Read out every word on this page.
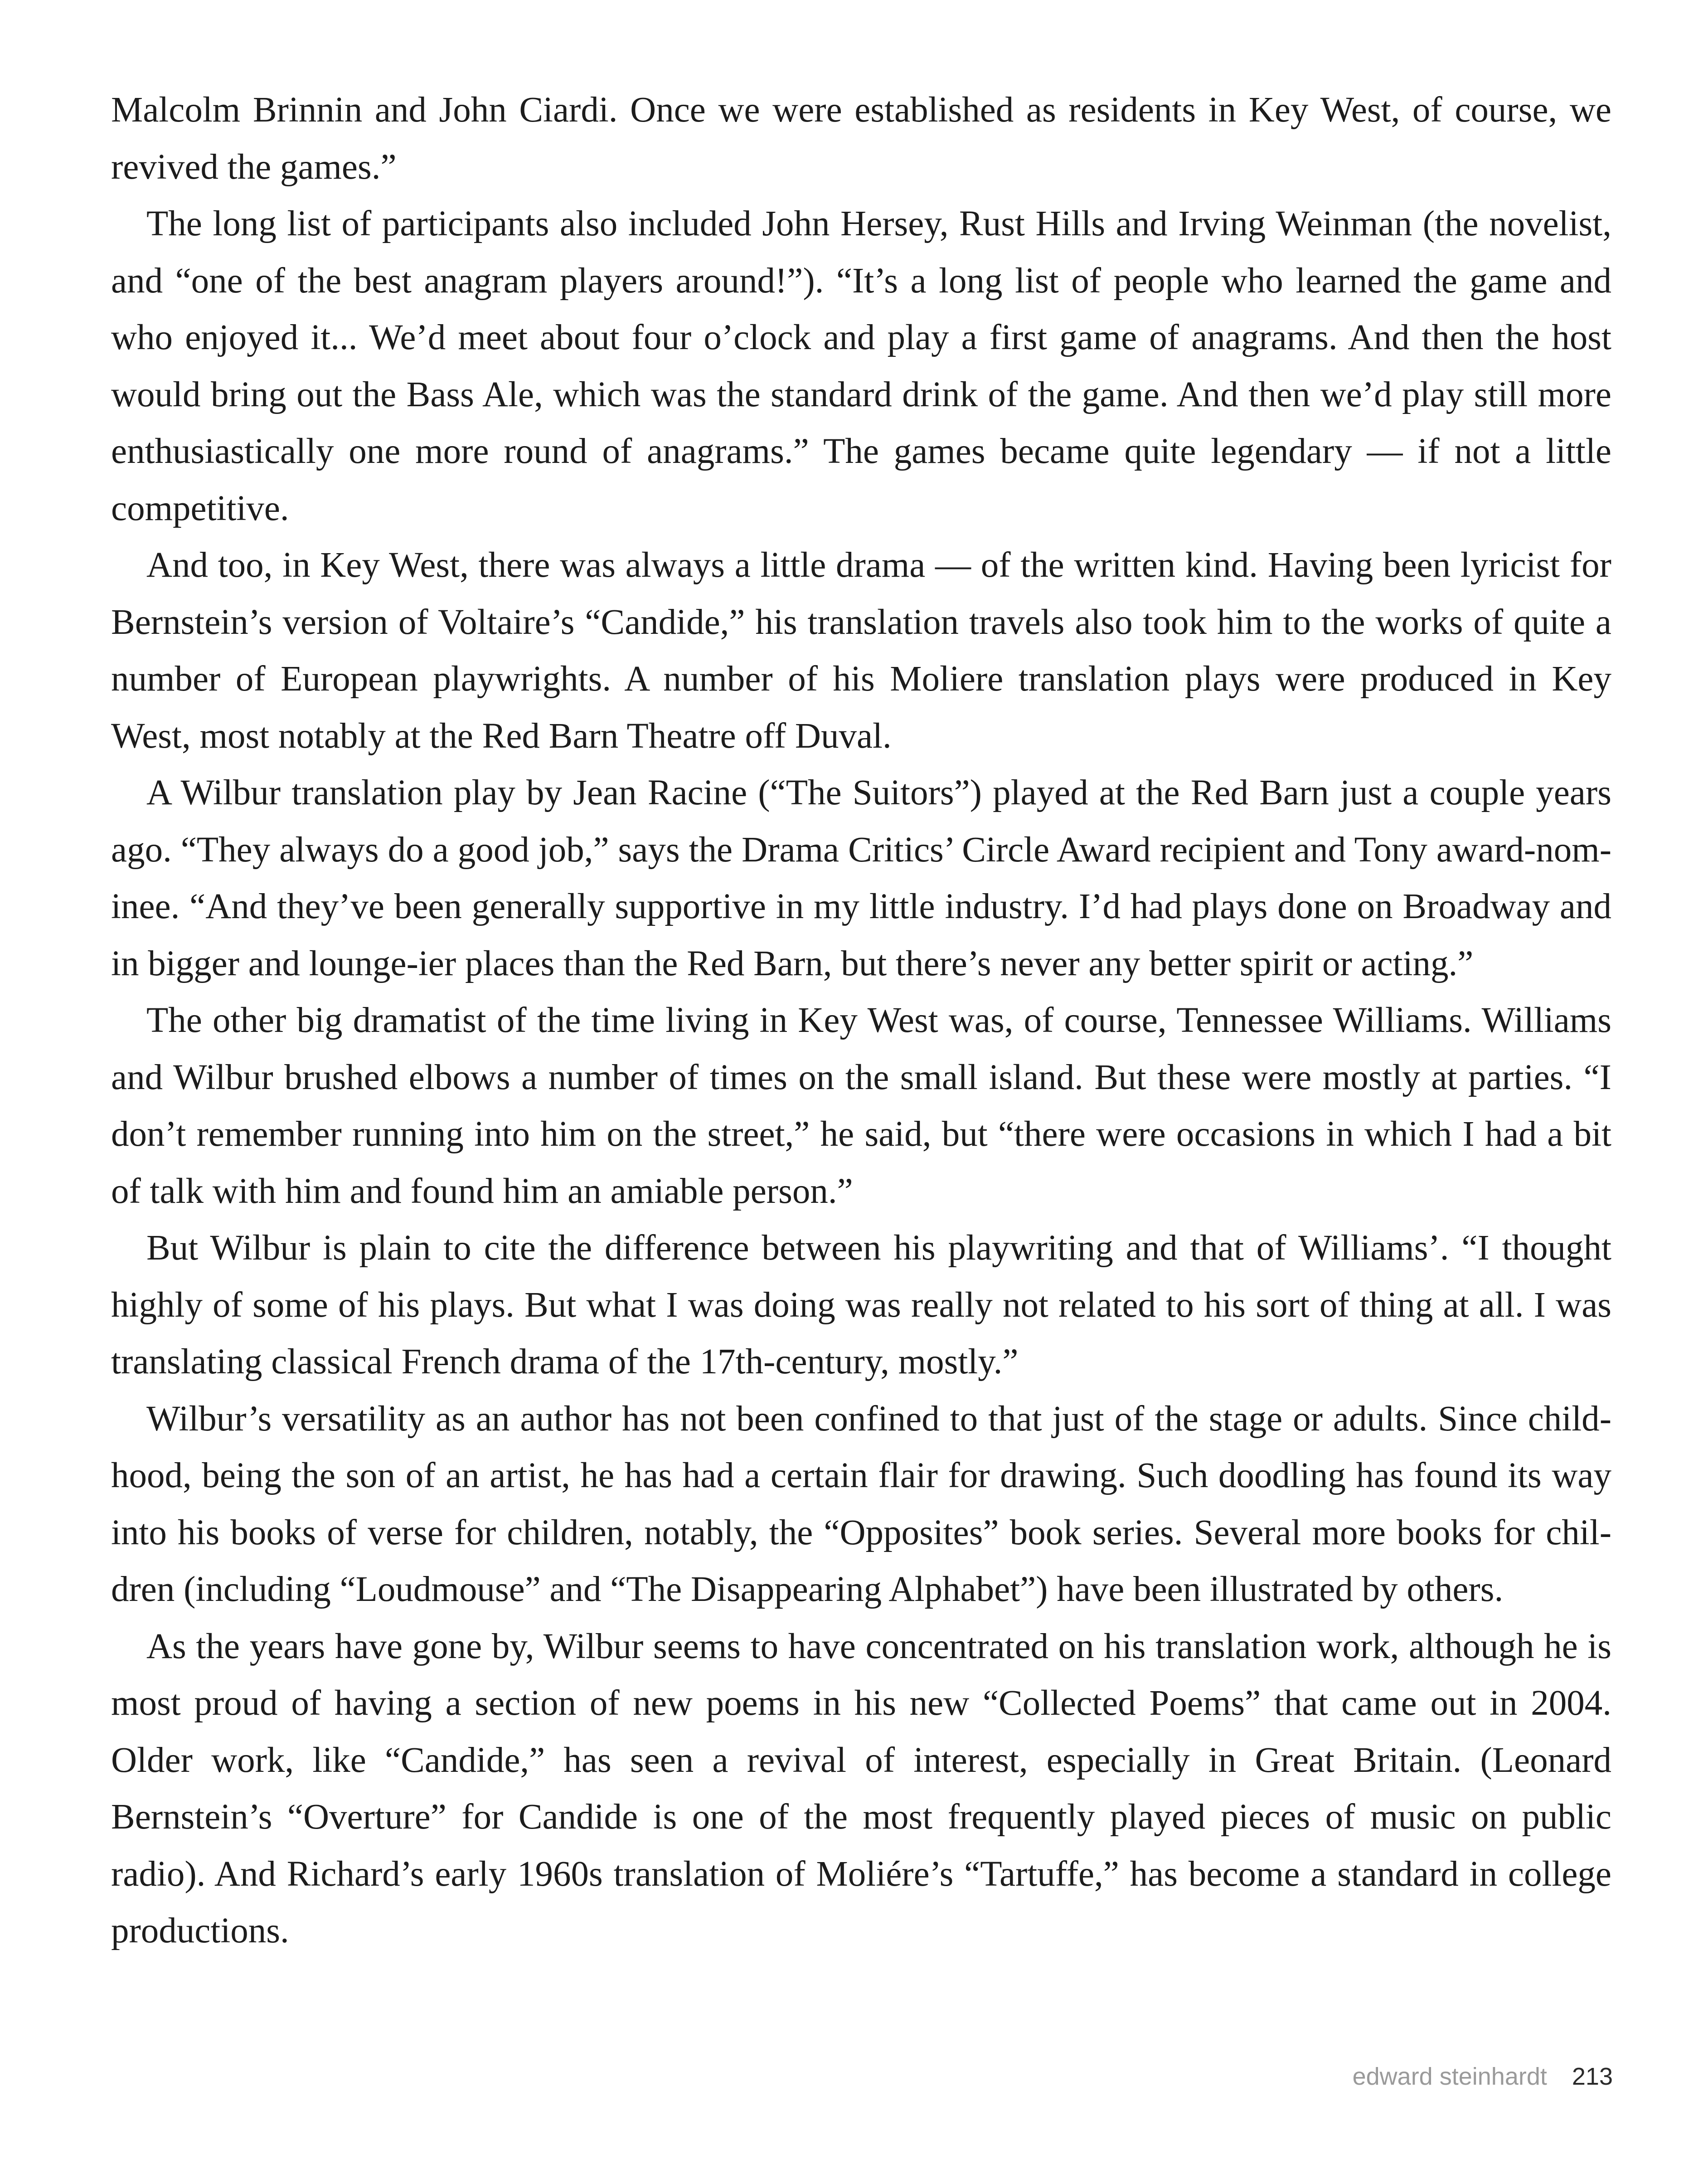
Malcolm Brinnin and John Ciardi. Once we were established as residents in Key West, of course, we revived the games.”

The long list of participants also included John Hersey, Rust Hills and Irving Weinman (the novelist, and “one of the best anagram players around!”). “It’s a long list of people who learned the game and who enjoyed it... We’d meet about four o’clock and play a first game of anagrams. And then the host would bring out the Bass Ale, which was the standard drink of the game. And then we’d play still more enthusiastically one more round of anagrams.” The games became quite legendary — if not a little competitive.

And too, in Key West, there was always a little drama — of the written kind. Having been lyricist for Bernstein’s version of Voltaire’s “Candide,” his translation travels also took him to the works of quite a number of European playwrights. A number of his Moliere translation plays were produced in Key West, most notably at the Red Barn Theatre off Duval.

A Wilbur translation play by Jean Racine (“The Suitors”) played at the Red Barn just a couple years ago. “They always do a good job,” says the Drama Critics’ Circle Award recipient and Tony award-nominee. “And they’ve been generally supportive in my little industry. I’d had plays done on Broadway and in bigger and lounge-ier places than the Red Barn, but there’s never any better spirit or acting.”

The other big dramatist of the time living in Key West was, of course, Tennessee Williams. Williams and Wilbur brushed elbows a number of times on the small island. But these were mostly at parties. “I don’t remember running into him on the street,” he said, but “there were occasions in which I had a bit of talk with him and found him an amiable person.”

But Wilbur is plain to cite the difference between his playwriting and that of Williams’. “I thought highly of some of his plays. But what I was doing was really not related to his sort of thing at all. I was translating classical French drama of the 17th-century, mostly.”

Wilbur’s versatility as an author has not been confined to that just of the stage or adults. Since childhood, being the son of an artist, he has had a certain flair for drawing. Such doodling has found its way into his books of verse for children, notably, the “Opposites” book series. Several more books for children (including “Loudmouse” and “The Disappearing Alphabet”) have been illustrated by others.

As the years have gone by, Wilbur seems to have concentrated on his translation work, although he is most proud of having a section of new poems in his new “Collected Poems” that came out in 2004. Older work, like “Candide,” has seen a revival of interest, especially in Great Britain. (Leonard Bernstein’s “Overture” for Candide is one of the most frequently played pieces of music on public radio). And Richard’s early 1960s translation of Moliére’s “Tartuffe,” has become a standard in college productions.

edward steinhardt 213
